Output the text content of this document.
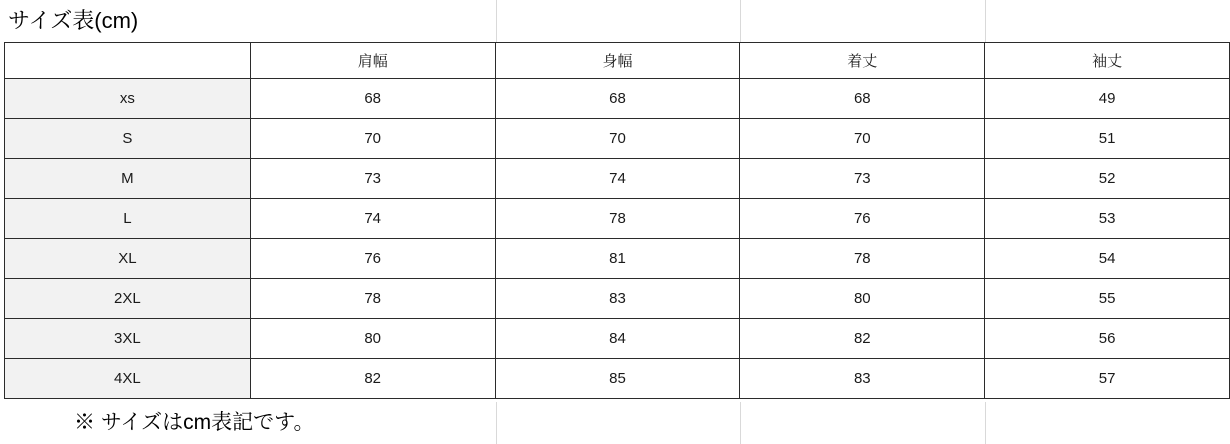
サイズ表(cm)
	肩幅	身幅	着丈	袖丈
xs	68	68	68	49
S	70	70	70	51
M	73	74	73	52
L	74	78	76	53
XL	76	81	78	54
2XL	78	83	80	55
3XL	80	84	82	56
4XL	82	85	83	57
※ サイズはcm表記です。
